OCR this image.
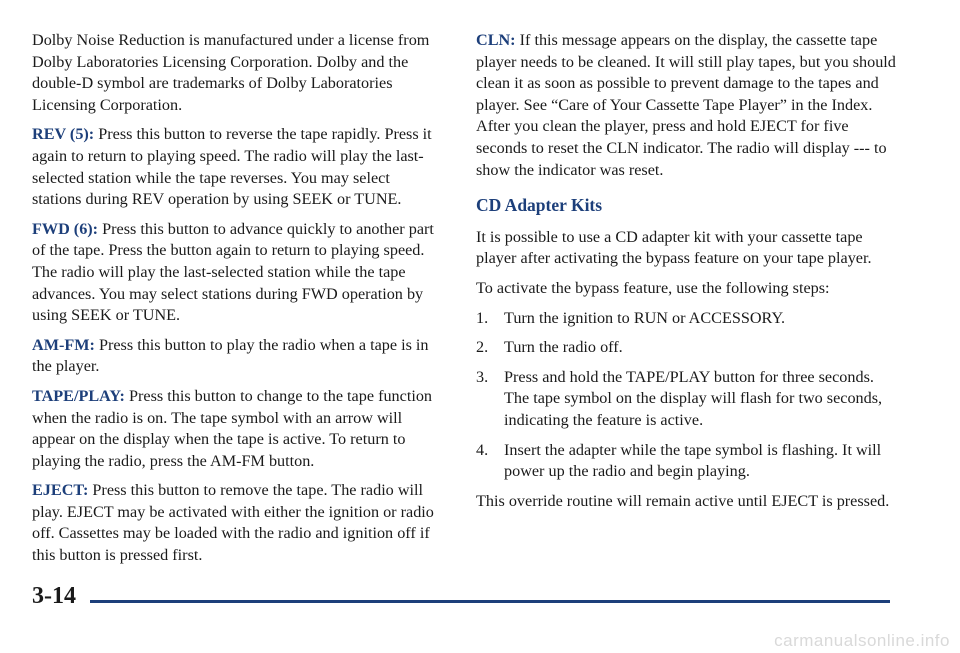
Dolby Noise Reduction is manufactured under a license from Dolby Laboratories Licensing Corporation. Dolby and the double-D symbol are trademarks of Dolby Laboratories Licensing Corporation.

REV (5): Press this button to reverse the tape rapidly. Press it again to return to playing speed. The radio will play the last-selected station while the tape reverses. You may select stations during REV operation by using SEEK or TUNE.

FWD (6): Press this button to advance quickly to another part of the tape. Press the button again to return to playing speed. The radio will play the last-selected station while the tape advances. You may select stations during FWD operation by using SEEK or TUNE.

AM-FM: Press this button to play the radio when a tape is in the player.

TAPE/PLAY: Press this button to change to the tape function when the radio is on. The tape symbol with an arrow will appear on the display when the tape is active. To return to playing the radio, press the AM-FM button.

EJECT: Press this button to remove the tape. The radio will play. EJECT may be activated with either the ignition or radio off. Cassettes may be loaded with the radio and ignition off if this button is pressed first.

CLN: If this message appears on the display, the cassette tape player needs to be cleaned. It will still play tapes, but you should clean it as soon as possible to prevent damage to the tapes and player. See “Care of Your Cassette Tape Player” in the Index. After you clean the player, press and hold EJECT for five seconds to reset the CLN indicator. The radio will display --- to show the indicator was reset.

CD Adapter Kits

It is possible to use a CD adapter kit with your cassette tape player after activating the bypass feature on your tape player.

To activate the bypass feature, use the following steps:

1. Turn the ignition to RUN or ACCESSORY.
2. Turn the radio off.
3. Press and hold the TAPE/PLAY button for three seconds. The tape symbol on the display will flash for two seconds, indicating the feature is active.
4. Insert the adapter while the tape symbol is flashing. It will power up the radio and begin playing.

This override routine will remain active until EJECT is pressed.

3-14
carmanualsonline.info
